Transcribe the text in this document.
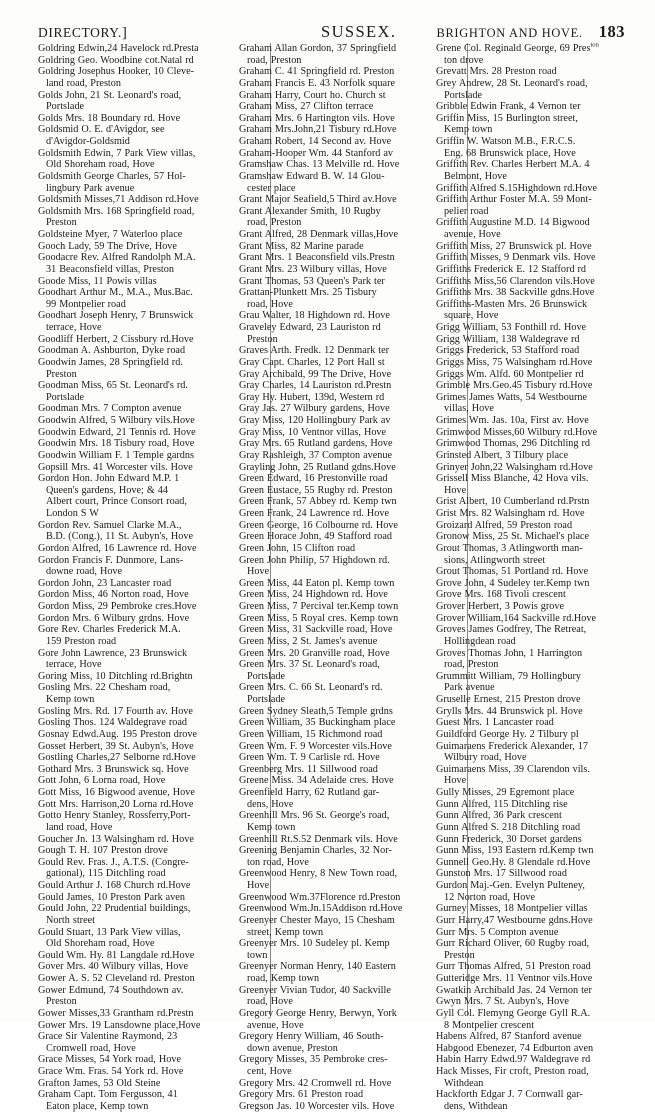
DIRECTORY.]	SUSSEX.	BRIGHTON AND HOVE. 183

Goldring Edwin,24 Havelock rd.Presta

Goldring Geo. Woodbine cot.Natal rd

Goldring Josephus Hooker, 10 Cleve-
land road, Preston

Golds John, 21 St. Leonard's road,
Portslade

Golds Mrs. 18 Boundary rd. Hove

Goldsmid O. E. d'Avigdor, see
d'Avigdor-Goldsmid

Goldsmith Edwin, 7 Park View villas,
Old Shoreham road, Hove

Goldsmith George Charles, 57 Hol-
lingbury Park avenue

Goldsmith Misses,71 Addison rd.Hove

Goldsmith Mrs. 168 Springfield road,
Preston

Goldsteine Myer, 7 Waterloo place

Gooch Lady, 59 The Drive, Hove

Goodacre Rev. Alfred Randolph M.A.
31 Beaconsfield villas, Preston

Goode Miss, 11 Powis villas

Goodhart Arthur M., M.A., Mus.Bac.
99 Montpelier road

Goodhart Joseph Henry, 7 Brunswick
terrace, Hove

Goodliff Herbert, 2 Cissbury rd.Hove

Goodman A. Ashburton, Dyke road

Goodwin James, 28 Springfield rd.
Preston

Goodman Miss, 65 St. Leonard's rd.
Portslade

Goodman Mrs. 7 Compton avenue

Goodwin Alfred, 5 Wilbury vils.Hove

Goodwin Edward, 21 Tennis rd. Hove

Goodwin Mrs. 18 Tisbury road, Hove

Goodwin William F. 1 Temple gardns

Gopsill Mrs. 41 Worcester vils. Hove

Gordon Hon. John Edward M.P. 1
Queen's gardens, Hove; & 44
Albert court, Prince Consort road,
London S W

Gordon Rev. Samuel Clarke M.A.,
B.D. (Cong.), 11 St. Aubyn's, Hove

Gordon Alfred, 16 Lawrence rd. Hove

Gordon Francis F. Dunmore, Lans-
downe road, Hove

Gordon John, 23 Lancaster road

Gordon Miss, 46 Norton road, Hove

Gordon Miss, 29 Pembroke cres.Hove

Gordon Mrs. 6 Wilbury grdns. Hove

Gore Rev. Charles Frederick M.A.
159 Preston road

Gore John Lawrence, 23 Brunswick
terrace, Hove

Goring Miss, 10 Ditchling rd.Brightn

Gosling Mrs. 22 Chesham road,
Kemp town

Gosling Mrs. Rd. 17 Fourth av. Hove

Gosling Thos. 124 Waldegrave road

Gosnay Edwd.Aug. 195 Preston drove

Gosset Herbert, 39 St. Aubyn's, Hove

Gostling Charles,27 Selborne rd.Hove

Gothard Mrs. 3 Brunswick sq. Hove

Gott John, 6 Lorna road, Hove

Gott Miss, 16 Bigwood avenue, Hove

Gott Mrs. Harrison,20 Lorna rd.Hove

Gotto Henry Stanley, Rossferry,Port-
land road, Hove

Goucher Jn. 13 Walsingham rd. Hove

Gough T. H. 107 Preston drove

Gould Rev. Fras. J., A.T.S. (Congre-
gational), 115 Ditchling road

Gould Arthur J. 168 Church rd.Hove

Gould James, 10 Preston Park aven

Gould John, 22 Prudential buildings,
North street

Gould Stuart, 13 Park View villas,
Old Shoreham road, Hove

Gould Wm. Hy. 81 Langdale rd.Hove

Gover Mrs. 40 Wilbury villas, Hove

Gower A. S. 52 Cleveland rd. Preston

Gower Edmund, 74 Southdown av.
Preston

Gower Misses,33 Grantham rd.Prestn

Gower Mrs. 19 Lansdowne place,Hove

Grace Sir Valentine Raymond, 23
Cromwell road, Hove

Grace Misses, 54 York road, Hove

Grace Wm. Fras. 54 York rd. Hove

Grafton James, 53 Old Steine

Graham Capt. Tom Fergusson, 41
Eaton place, Kemp town

Graham Allan Gordon, 37 Springfield
road, Preston

Graham C. 41 Springfield rd. Preston

Graham Francis E. 43 Norfolk square

Graham Harry, Court ho. Church st

Graham Miss, 27 Clifton terrace

Graham Mrs. 6 Hartington vils. Hove

Graham Mrs.John,21 Tisbury rd.Hove

Graham Robert, 14 Second av. Hove

Graham-Hooper Wm. 44 Stanford av

Gramshaw Chas. 13 Melville rd. Hove

Gramshaw Edward B. W. 14 Glou-
cester place

Grant Major Seafield,5 Third av.Hove

Grant Alexander Smith, 10 Rugby
road, Preston

Grant Alfred, 28 Denmark villas,Hove

Grant Miss, 82 Marine parade

Grant Mrs. 1 Beaconsfield vils.Prestn

Grant Mrs. 23 Wilbury villas, Hove

Grant Thomas, 53 Queen's Park ter

Grattan-Plunkett Mrs. 25 Tisbury
road, Hove

Grau Walter, 18 Highdown rd. Hove

Graveley Edward, 23 Lauriston rd
Preston

Graves Arth. Fredk. 12 Denmark ter

Gray Capt. Charles, 12 Port Hall st

Gray Archibald, 99 The Drive, Hove

Gray Charles, 14 Lauriston rd.Prestn

Gray Hy. Hubert, 139d, Western rd

Gray Jas. 27 Wilbury gardens, Hove

Gray Miss, 120 Hollingbury Park av

Gray Miss, 10 Ventnor villas, Hove

Gray Mrs. 65 Rutland gardens, Hove

Gray Rashleigh, 37 Compton avenue

Grayling John, 25 Rutland gdns.Hove

Green Edward, 16 Prestonville road

Green Eustace, 55 Rugby rd. Preston

Green Frank, 57 Abbey rd. Kemp twn

Green Frank, 24 Lawrence rd. Hove

Green George, 16 Colbourne rd. Hove

Green Horace John, 49 Stafford road

Green John, 15 Clifton road

Green John Philip, 57 Highdown rd.
Hove

Green Miss, 44 Eaton pl. Kemp town

Green Miss, 24 Highdown rd. Hove

Green Miss, 7 Percival ter.Kemp town

Green Miss, 5 Royal cres. Kemp town

Green Miss, 31 Sackville road, Hove

Green Miss, 2 St. James's avenue

Green Mrs. 20 Granville road, Hove

Green Mrs. 37 St. Leonard's road,
Portslade

Green Mrs. C. 66 St. Leonard's rd.
Portslade

Green Sydney Sleath,5 Temple grdns

Green William, 35 Buckingham place

Green William, 15 Richmond road

Green Wm. F. 9 Worcester vils.Hove

Green Wm. T. 9 Carlisle rd. Hove

Greenberg Mrs. 11 Sillwood road

Greene Miss. 34 Adelaide cres. Hove

Greenfield Harry, 62 Rutland gar-
dens, Hove

Greenhill Mrs. 96 St. George's road,
Kemp town

Greenhill Rt.S.52 Denmark vils. Hove

Greening Benjamin Charles, 32 Nor-
ton road, Hove

Greenwood Henry, 8 New Town road,
Hove

Greenwood Wm.37Florence rd.Preston

Greenwood Wm.Jn.15Addison rd.Hove

Greenyer Chester Mayo, 15 Chesham
street, Kemp town

Greenyer Mrs. 10 Sudeley pl. Kemp
town

Greenyer Norman Henry, 140 Eastern
road, Kemp town

Greenyer Vivian Tudor, 40 Sackville
road, Hove

Gregory George Henry, Berwyn, York
avenue, Hove

Gregory Henry William, 46 South-
down avenue, Preston

Gregory Misses, 35 Pembroke cres-
cent, Hove

Gregory Mrs. 42 Cromwell rd. Hove

Gregory Mrs. 61 Preston road

Gregson Jas. 10 Worcester vils. Hove

Grene Col. Reginald George, 69 Pres$^{ton}$
ton drove

Grevatt Mrs. 28 Preston road

Grey Andrew, 28 St. Leonard's road,
Portslade

Gribble Edwin Frank, 4 Vernon ter

Griffin Miss, 15 Burlington street,
Kemp town

Griffin W. Watson M.B., F.R.C.S.
Eng. 68 Brunswick place, Hove

Griffith Rev. Charles Herbert M.A. 4
Belmont, Hove

Griffith Alfred S.15Highdown rd.Hove

Griffith Arthur Foster M.A. 59 Mont-
pelier road

Griffith Augustine M.D. 14 Bigwood
avenue, Hove

Griffith Miss, 27 Brunswick pl. Hove

Griffith Misses, 9 Denmark vils. Hove

Griffiths Frederick E. 12 Stafford rd

Griffiths Miss,56 Clarendon vils.Hove

Griffiths Mrs. 38 Sackville gdns.Hove

Griffiths-Masten Mrs. 26 Brunswick
square, Hove

Grigg William, 53 Fonthill rd. Hove

Grigg William, 138 Waldegrave rd

Griggs Frederick, 53 Stafford road

Griggs Miss, 75 Walsingham rd.Hove

Griggs Wm. Alfd. 60 Montpelier rd

Grimble Mrs.Geo.45 Tisbury rd.Hove

Grimes James Watts, 54 Westbourne
villas, Hove

Grimes Wm. Jas. 10a, First av. Hove

Grimwood Misses,60 Wilbury rd.Hove

Grimwood Thomas, 296 Ditchling rd

Grinsted Albert, 3 Tilbury place

Grinyer John,22 Walsingham rd.Hove

Grissell Miss Blanche, 42 Hova vils.
Hove

Grist Albert, 10 Cumberland rd.Prstn

Grist Mrs. 82 Walsingham rd. Hove

Groizard Alfred, 59 Preston road

Gronow Miss, 25 St. Michael's place

Grout Thomas, 3 Atlingworth man-
sions, Atlingworth street

Grout Thomas, 51 Portland rd. Hove

Grove John, 4 Sudeley ter.Kemp twn

Grove Mrs. 168 Tivoli crescent

Grover Herbert, 3 Powis grove

Grover William,164 Sackville rd.Hove

Groves James Godfrey, The Retreat,
Hollingdean road

Groves Thomas John, 1 Harrington
road, Preston

Grummitt William, 79 Hollingbury
Park avenue

Gruselle Ernest, 215 Preston drove

Grylls Mrs. 44 Brunswick pl. Hove

Guest Mrs. 1 Lancaster road

Guildford George Hy. 2 Tilbury pl

Guimaraens Frederick Alexander, 17
Wilbury road, Hove

Guimaraens Miss, 39 Clarendon vils.
Hove

Gully Misses, 29 Egremont place

Gunn Alfred, 115 Ditchling rise

Gunn Alfred, 36 Park crescent

Gunn Alfred S. 218 Ditchling road

Gunn Frederick, 30 Dorset gardens

Gunn Miss, 193 Eastern rd.Kemp twn

Gunnell Geo.Hy. 8 Glendale rd.Hove

Gunston Mrs. 17 Sillwood road

Gurdon Maj.-Gen. Evelyn Pulteney,
12 Norton road, Hove

Gurney Misses, 18 Montpelier villas

Gurr Harry,47 Westbourne gdns.Hove

Gurr Mrs. 5 Compton avenue

Gurr Richard Oliver, 60 Rugby road,
Preston

Gurr Thomas Alfred, 51 Preston road

Gutteridge Mrs. 11 Ventnor vils.Hove

Gwatkin Archibald Jas. 24 Vernon ter

Gwyn Mrs. 7 St. Aubyn's, Hove

Gyll Col. Flemyng George Gyll R.A.
8 Montpelier crescent

Habens Alfred, 87 Stanford avenue

Habgood Ebenezer, 74 Edburton aven

Habin Harry Edwd.97 Waldegrave rd

Hack Misses, Fir croft, Preston road,
Withdean

Hackforth Edgar J. 7 Cornwall gar-
dens, Withdean
